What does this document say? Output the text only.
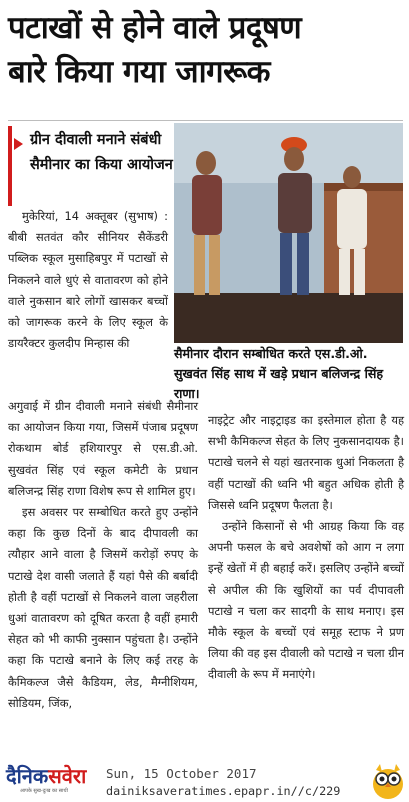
पटाखों से होने वाले प्रदूषण
बारे किया गया जागरूक
ग्रीन दीवाली मनाने संबंधी सैमीनार का किया आयोजन
सैमीनार दौरान सम्बोधित करते एस.डी.ओ. सुखवंत सिंह साथ में खड़े प्रधान बलिजन्द्र सिंह राणा।

मुकेरियां, 14 अक्तूबर (सुभाष) : बीबी सतवंत कौर सीनियर सैकेंडरी पब्लिक स्कूल मुसाहिबपुर में पटाखों से निकलने वाले धुएं से वातावरण को होने वाले नुकसान बारे लोगों खासकर बच्चों को जागरूक करने के लिए स्कूल के डायरैक्टर कुलदीप मिन्हास की

अगुवाई में ग्रीन दीवाली मनाने संबंधी सैमीनार का आयोजन किया गया, जिसमें पंजाब प्रदूषण रोकथाम बोर्ड हशियारपुर से एस.डी.ओ. सुखवंत सिंह एवं स्कूल कमेटी के प्रधान बलिजन्द्र सिंह राणा विशेष रूप से शामिल हुए।

इस अवसर पर सम्बोधित करते हुए उन्होंने कहा कि कुछ दिनों के बाद दीपावली का त्यौहार आने वाला है जिसमें करोड़ों रुपए के पटाखे देश वासी जलाते हैं यहां पैसे की बर्बादी होती है वहीं पटाखों से निकलने वाला जहरीला धुआं वातावरण को दूषित करता है वहीं हमारी सेहत को भी काफी नुक्सान पहुंचता है। उन्होंने कहा कि पटाखे बनाने के लिए कई तरह के कैमिकल्ज जैसे कैडियम, लेड, मैग्नीशियम, सोडियम, जिंक,

नाइट्रेट और नाइट्राइड का इस्तेमाल होता है यह सभी कैमिकल्ज सेहत के लिए नुकसानदायक है। पटाखे चलने से यहां खतरनाक धुआं निकलता है वहीं पटाखों की ध्वनि भी बहुत अधिक होती है जिससे ध्वनि प्रदूषण फैलता है।

उन्होंने किसानों से भी आग्रह किया कि वह अपनी फसल के बचे अवशेषों को आग न लगा इन्हें खेतों में ही बहाई करें। इसलिए उन्होंने बच्चों से अपील की कि खुशियों का पर्व दीपावली पटाखे न चला कर सादगी के साथ मनाए। इस मौके स्कूल के बच्चों एवं समूह स्टाफ ने प्रण लिया की वह इस दीवाली को पटाखे न चला ग्रीन दीवाली के रूप में मनाएंगे।

दैनिकसवेरा
आपके सुख-दुःख का साथी
Sun, 15 October 2017
dainiksaveratimes.epapr.in//c/229
